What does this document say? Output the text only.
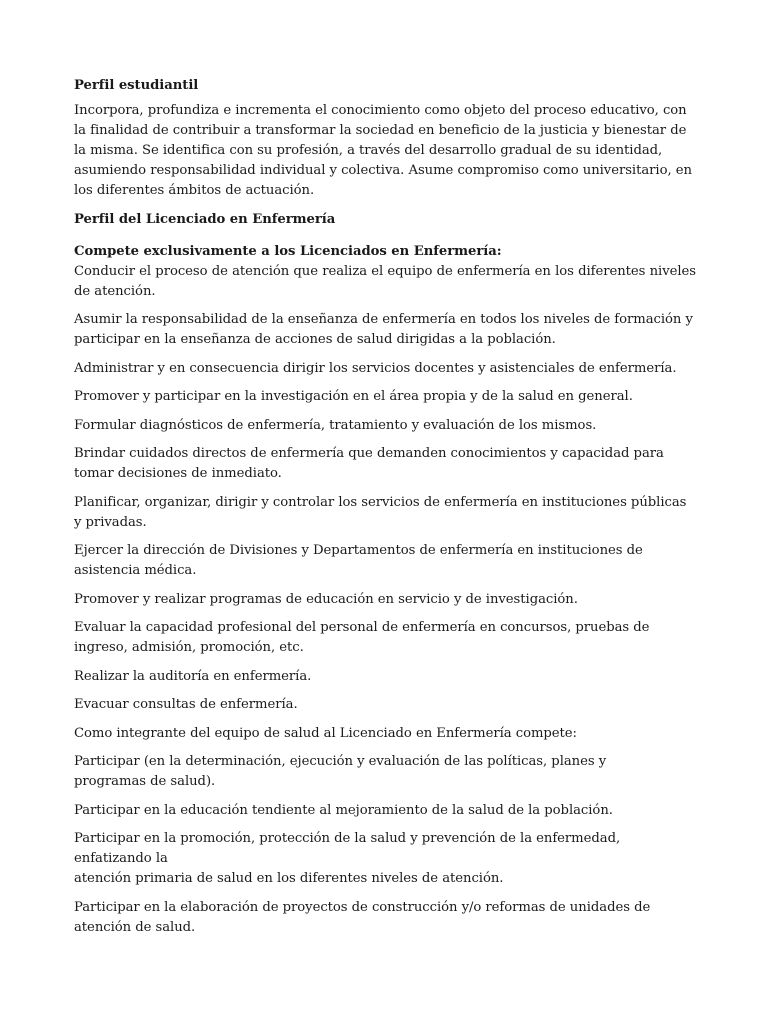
Perfil estudiantil

Incorpora, profundiza e incrementa el conocimiento como objeto del proceso educativo, con la finalidad de contribuir a transformar la sociedad en beneficio de la justicia y bienestar de la misma. Se identifica con su profesión, a través del desarrollo gradual de su identidad, asumiendo responsabilidad individual y colectiva. Asume compromiso como universitario, en los diferentes ámbitos de actuación.

Perfil del Licenciado en Enfermería

Compete exclusivamente a los Licenciados en Enfermería:

Conducir el proceso de atención que realiza el equipo de enfermería en los diferentes niveles de atención.

Asumir la responsabilidad de la enseñanza de enfermería en todos los niveles de formación y participar en la enseñanza de acciones de salud dirigidas a la población.

Administrar y en consecuencia dirigir los servicios docentes y asistenciales de enfermería.

Promover y participar en la investigación en el área propia y de la salud en general.

Formular diagnósticos de enfermería, tratamiento y evaluación de los mismos.

Brindar cuidados directos de enfermería que demanden conocimientos y capacidad para tomar decisiones de inmediato.

Planificar, organizar, dirigir y controlar los servicios de enfermería en instituciones públicas y privadas.

Ejercer la dirección de Divisiones y Departamentos de enfermería en instituciones de asistencia médica.

Promover y realizar programas de educación en servicio y de investigación.

Evaluar la capacidad profesional del personal de enfermería en concursos, pruebas de ingreso, admisión, promoción, etc.

Realizar la auditoría en enfermería.

Evacuar consultas de enfermería.

Como integrante del equipo de salud al Licenciado en Enfermería compete:

Participar (en la determinación, ejecución y evaluación de las políticas, planes y
programas de salud).

Participar en la educación tendiente al mejoramiento de la salud de la población.

Participar en la promoción, protección de la salud y prevención de la enfermedad, enfatizando la
atención primaria de salud en los diferentes niveles de atención.

Participar en la elaboración de proyectos de construcción y/o reformas de unidades de
atención de salud.
